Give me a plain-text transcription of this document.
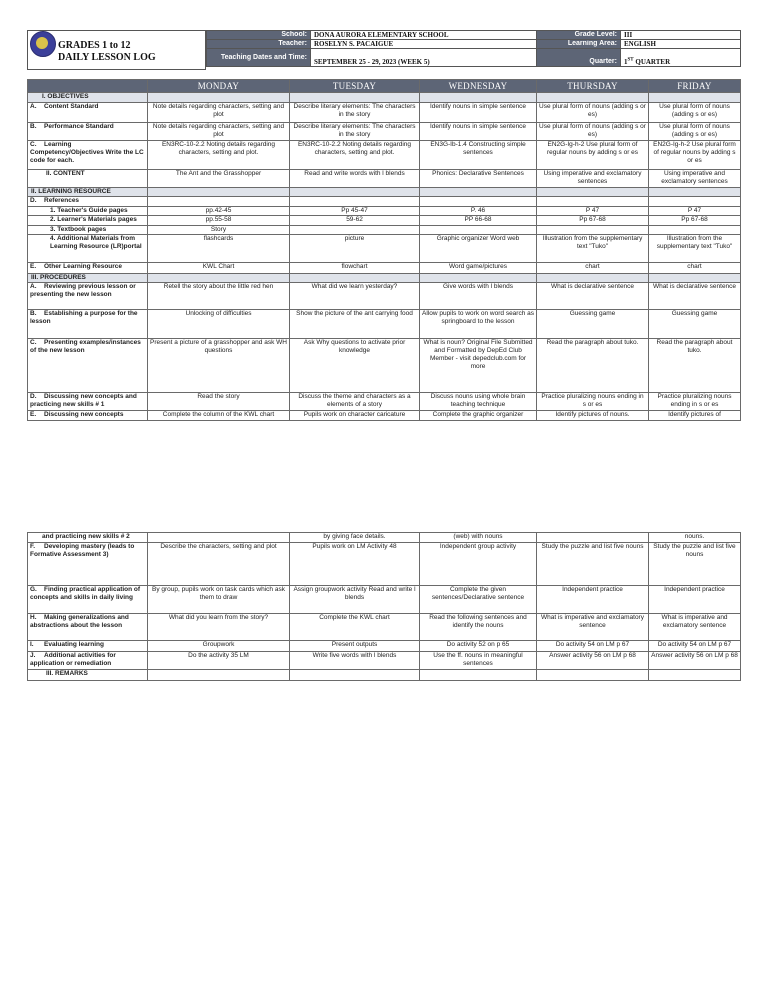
GRADES 1 to 12
DAILY LESSON LOG
School:	DONA AURORA ELEMENTARY SCHOOL	Grade Level:	III
Teacher:	ROSELYN S. PACAIGUE	Learning Area:	ENGLISH
Teaching Dates and Time:	SEPTEMBER 25 - 29, 2023 (WEEK 5)	Quarter:	1ST QUARTER
	MONDAY	TUESDAY	WEDNESDAY	THURSDAY	FRIDAY
I. OBJECTIVES					
A. Content Standard	Note details regarding characters, setting and plot	Describe literary elements: The characters in the story	Identify nouns in simple sentence	Use plural form of nouns (adding s or es)	Use plural form of nouns (adding s or es)
B. Performance Standard	Note details regarding characters, setting and plot	Describe literary elements: The characters in the story	Identify nouns in simple sentence	Use plural form of nouns (adding s or es)	Use plural form of nouns (adding s or es)
C. Learning Competency/Objectives Write the LC code for each.	EN3RC-10-2.2 Noting details regarding characters, setting and plot.	EN3RC-10-2.2 Noting details regarding characters, setting and plot.	EN3G-Ib-1.4 Constructing simple sentences	EN2G-Ig-h-2 Use plural form of regular nouns by adding s or es	EN2G-Ig-h-2 Use plural form of regular nouns by adding s or es
II. CONTENT	The Ant and the Grasshopper	Read and write words with l blends	Phonics: Declarative Sentences	Using imperative and exclamatory sentences	Using imperative and exclamatory sentences
II. LEARNING RESOURCE					
D. References					
1. Teacher's Guide pages	pp.42-45	Pp 45-47	P. 46	P 47	P 47
2. Learner's Materials pages	pp.55-58	59-62	PP 66-68	Pp 67-68	Pp 67-68
3. Textbook pages	Story				
4. Additional Materials from Learning Resource (LR)portal	flashcards	picture	Graphic organizer Word web	Illustration from the supplementary text "Tuko"	Illustration from the supplementary text "Tuko"
E. Other Learning Resource	KWL Chart	flowchart	Word game/pictures	chart	chart
III. PROCEDURES					
A. Reviewing previous lesson or presenting the new lesson	Retell the story about the little red hen	What did we learn yesterday?	Give words with l blends	What is declarative sentence	What is declarative sentence
B. Establishing a purpose for the lesson	Unlocking of difficulties	Show the picture of the ant carrying food	Allow pupils to work on word search as springboard to the lesson	Guessing game	Guessing game
C. Presenting examples/instances of the new lesson	Present a picture of a grasshopper and ask WH questions	Ask Why questions to activate prior knowledge	What is noun? Original File Submitted and Formatted by DepEd Club Member - visit depedclub.com for more	Read the paragraph about tuko.	Read the paragraph about tuko.
D. Discussing new concepts and practicing new skills # 1	Read the story	Discuss the theme and characters as a elements of a story	Discuss nouns using whole brain teaching technique	Practice pluralizing nouns ending in s or es	Practice pluralizing nouns ending in s or es
E. Discussing new concepts	Complete the column of the KWL chart	Pupils work on character caricature	Complete the graphic organizer	Identify pictures of nouns.	Identify pictures of
and practicing new skills # 2		by giving face details.	(web) with nouns		nouns.
F. Developing mastery (leads to Formative Assessment 3)	Describe the characters, setting and plot	Pupils work on LM Activity 48	Independent group activity	Study the puzzle and list five nouns	Study the puzzle and list five nouns
G. Finding practical application of concepts and skills in daily living	By group, pupils work on task cards which ask them to draw	Assign groupwork activity Read and write l blends	Complete the given sentences/Declarative sentence	Independent practice	Independent practice
H. Making generalizations and abstractions about the lesson	What did you learn from the story?	Complete the KWL chart	Read the following sentences and identify the nouns	What is imperative and exclamatory sentence	What is imperative and exclamatory sentence
I. Evaluating learning	Groupwork	Present outputs	Do activity 52 on p 65	Do activity 54 on LM p 67	Do activity 54 on LM p 67
J. Additional activities for application or remediation	Do the activity 35 LM	Write five words with l blends	Use the ff. nouns in meaningful sentences	Answer activity 56 on LM p 68	Answer activity 56 on LM p 68
III. REMARKS					
